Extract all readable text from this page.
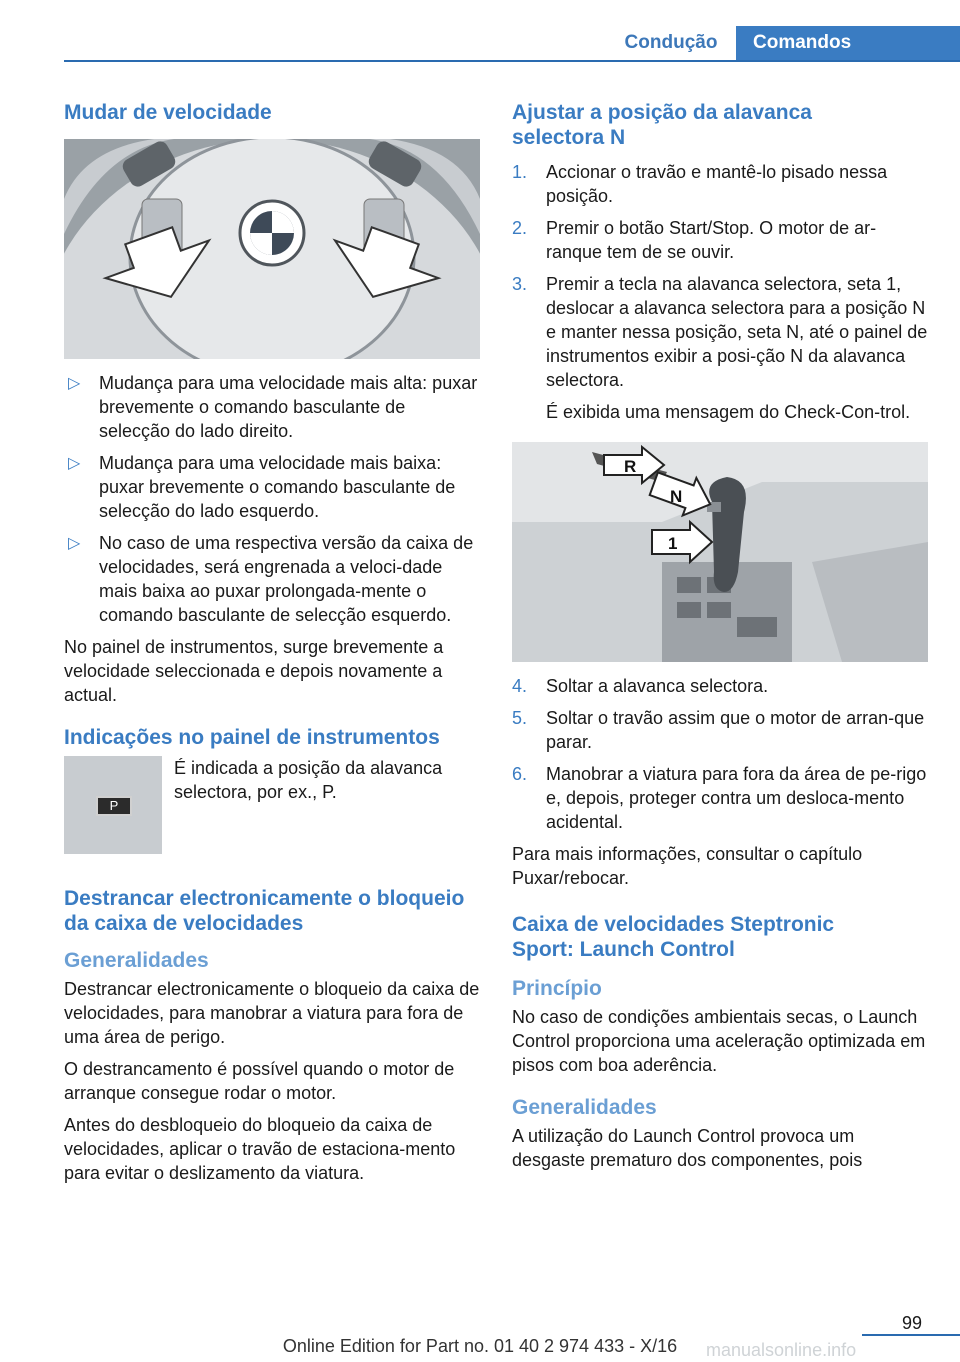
Condução	Comandos
Mudar de velocidade
▷ Mudança para uma velocidade mais alta: puxar brevemente o comando basculante de selecção do lado direito.
▷ Mudança para uma velocidade mais baixa: puxar brevemente o comando basculante de selecção do lado esquerdo.
▷ No caso de uma respectiva versão da caixa de velocidades, será engrenada a veloci-dade mais baixa ao puxar prolongada-mente o comando basculante de selecção esquerdo.

No painel de instrumentos, surge brevemente a velocidade seleccionada e depois novamente a actual.

Indicações no painel de instrumentos
P

É indicada a posição da alavanca selectora, por ex., P.

Destrancar electronicamente o bloqueio da caixa de velocidades
Generalidades

Destrancar electronicamente o bloqueio da caixa de velocidades, para manobrar a viatura para fora de uma área de perigo.

O destrancamento é possível quando o motor de arranque consegue rodar o motor.

Antes do desbloqueio do bloqueio da caixa de velocidades, aplicar o travão de estaciona-mento para evitar o deslizamento da viatura.

Ajustar a posição da alavanca selectora N
1. Accionar o travão e mantê-lo pisado nessa posição.
2. Premir o botão Start/Stop. O motor de ar-ranque tem de se ouvir.
3. Premir a tecla na alavanca selectora, seta 1, deslocar a alavanca selectora para a posição N e manter nessa posição, seta N, até o painel de instrumentos exibir a posi-ção N da alavanca selectora.
É exibida uma mensagem do Check-Con-trol.
R
N
1
4. Soltar a alavanca selectora.
5. Soltar o travão assim que o motor de arran-que parar.
6. Manobrar a viatura para fora da área de pe-rigo e, depois, proteger contra um desloca-mento acidental.

Para mais informações, consultar o capítulo Puxar/rebocar.

Caixa de velocidades Steptronic Sport: Launch Control
Princípio

No caso de condições ambientais secas, o Launch Control proporciona uma aceleração optimizada em pisos com boa aderência.

Generalidades

A utilização do Launch Control provoca um desgaste prematuro dos componentes, pois

99
Online Edition for Part no. 01 40 2 974 433 - X/16	manualsonline.info
